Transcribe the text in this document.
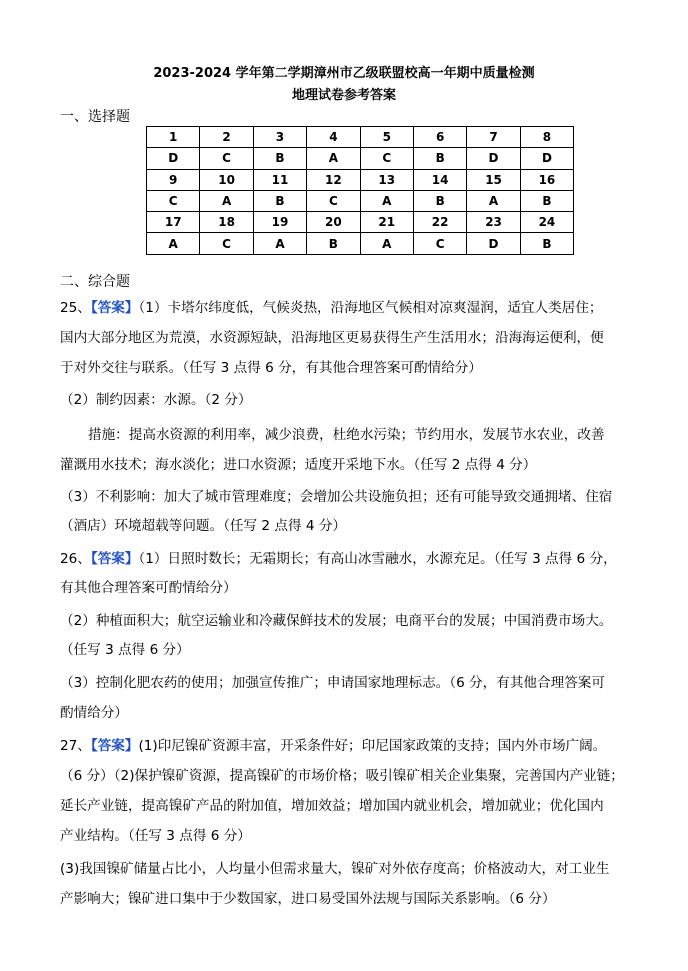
2023-2024 学年第二学期漳州市乙级联盟校高一年期中质量检测
地理试卷参考答案
一、选择题
1	2	3	4	5	6	7	8
D	C	B	A	C	B	D	D
9	10	11	12	13	14	15	16
C	A	B	C	A	B	A	B
17	18	19	20	21	22	23	24
A	C	A	B	A	C	D	B
二、综合题
25、【答案】（1）卡塔尔纬度低，气候炎热，沿海地区气候相对凉爽湿润，适宜人类居住；
国内大部分地区为荒漠，水资源短缺，沿海地区更易获得生产生活用水；沿海海运便利，便
于对外交往与联系。（任写 3 点得 6 分，有其他合理答案可酌情给分）
（2）制约因素：水源。（2 分）
措施：提高水资源的利用率，减少浪费，杜绝水污染；节约用水，发展节水农业，改善
灌溉用水技术；海水淡化；进口水资源；适度开采地下水。（任写 2 点得 4 分）
（3）不利影响：加大了城市管理难度；会增加公共设施负担；还有可能导致交通拥堵、住宿
（酒店）环境超载等问题。（任写 2 点得 4 分）
26、【答案】（1）日照时数长；无霜期长；有高山冰雪融水，水源充足。（任写 3 点得 6 分，
有其他合理答案可酌情给分）
（2）种植面积大；航空运输业和冷藏保鲜技术的发展；电商平台的发展；中国消费市场大。
（任写 3 点得 6 分）
（3）控制化肥农药的使用；加强宣传推广；申请国家地理标志。（6 分，有其他合理答案可
酌情给分）
27、【答案】(1)印尼镍矿资源丰富，开采条件好；印尼国家政策的支持；国内外市场广阔。
（6 分）（2)保护镍矿资源，提高镍矿的市场价格；吸引镍矿相关企业集聚，完善国内产业链；
延长产业链，提高镍矿产品的附加值，增加效益；增加国内就业机会，增加就业；优化国内
产业结构。（任写 3 点得 6 分）
(3)我国镍矿储量占比小，人均量小但需求量大，镍矿对外依存度高；价格波动大，对工业生
产影响大；镍矿进口集中于少数国家，进口易受国外法规与国际关系影响。（6 分）
